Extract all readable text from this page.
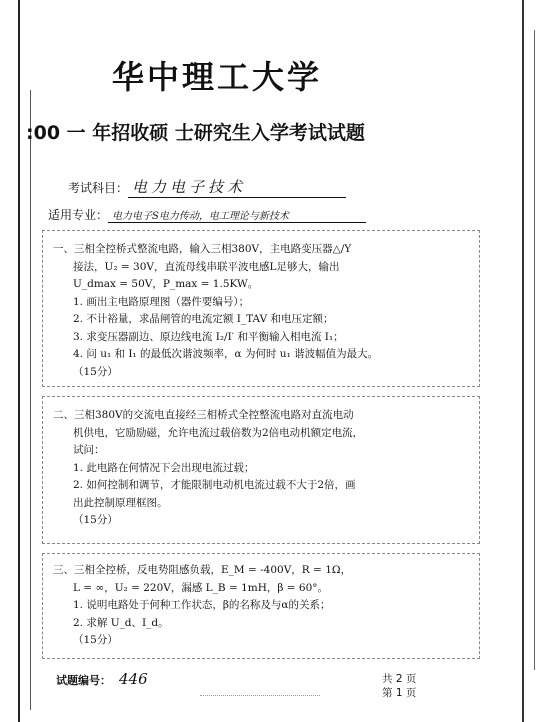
华中理工大学
:00 一 年招收硕 士研究生入学考试试题
考试科目： 电力电子技术
适用专业： 电力电子S电力传动，电工理论与新技术
一、三相全控桥式整流电路，输入三相380V，主电路变压器△/Y
接法，U₂ = 30V，直流母线串联平波电感L足够大，输出
U_dmax = 50V，P_max = 1.5KW。
1. 画出主电路原理图（器件要编号）；
2. 不计裕量，求晶闸管的电流定额 I_TAV 和电压定额；
3. 求变压器副边、原边线电流 I₂/I′ 和平衡输入相电流 I₁；
4. 问 u₁ 和 I₁ 的最低次谐波频率，α 为何时 u₁ 谐波幅值为最大。
（15分）
二、三相380V的交流电直接经三相桥式全控整流电路对直流电动
机供电，它励励磁，允许电流过载倍数为2倍电动机额定电流，
试问：
1. 此电路在何情况下会出现电流过载；
2. 如何控制和调节，才能限制电动机电流过载不大于2倍，画
出此控制原理框图。
（15分）
三、三相全控桥，反电势阻感负载，E_M = -400V，R = 1Ω，
L = ∞，U₂ = 220V，漏感 L_B = 1mH，β = 60°。
1. 说明电路处于何种工作状态，β的名称及与α的关系；
2. 求解 U_d、I_d。
（15分）
试题编号： 446	共 2 页
第 1 页
